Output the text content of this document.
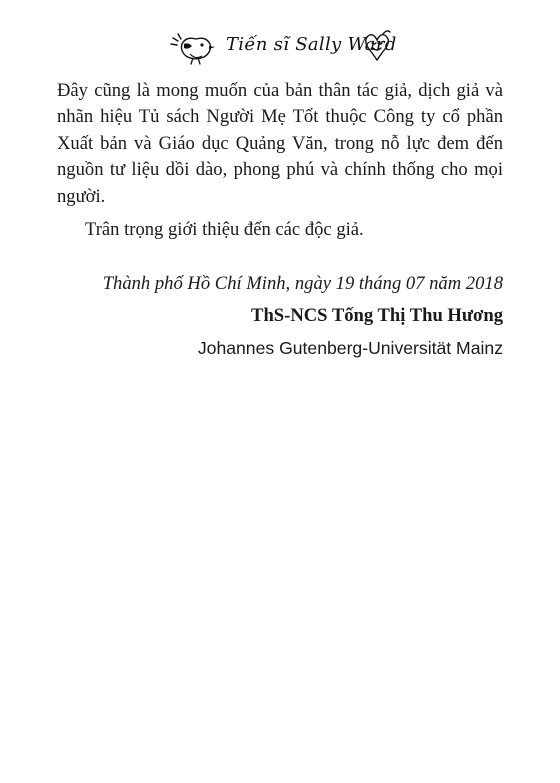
Tiến sĩ Sally Ward

Đây cũng là mong muốn của bản thân tác giả, dịch giả và nhãn hiệu Tủ sách Người Mẹ Tốt thuộc Công ty cổ phần Xuất bản và Giáo dục Quảng Văn, trong nỗ lực đem đến nguồn tư liệu dồi dào, phong phú và chính thống cho mọi người.

Trân trọng giới thiệu đến các độc giả.

Thành phố Hồ Chí Minh, ngày 19 tháng 07 năm 2018
ThS-NCS Tống Thị Thu Hương
Johannes Gutenberg-Universität Mainz
